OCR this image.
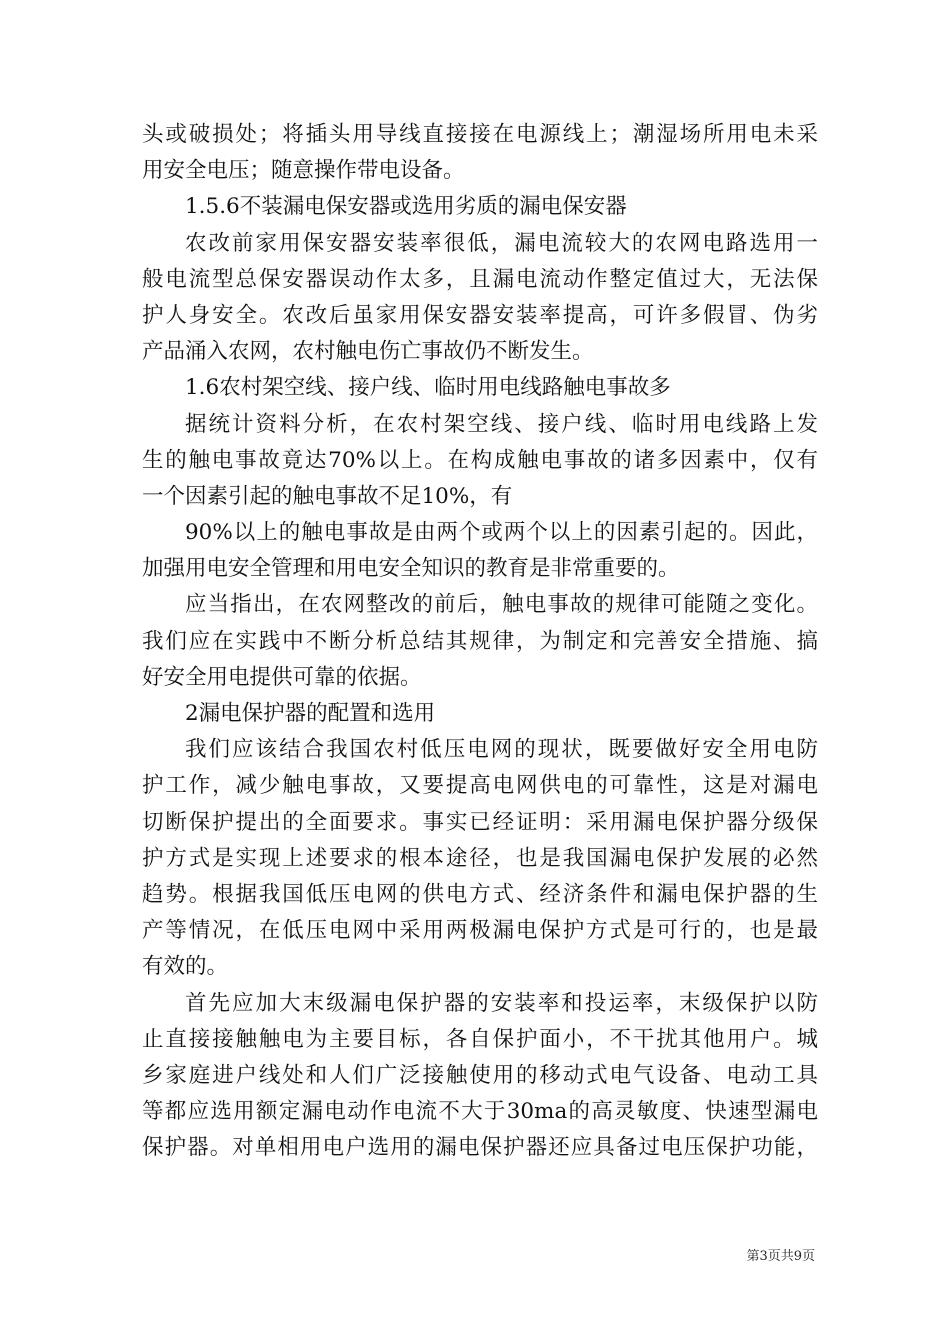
头或破损处；将插头用导线直接接在电源线上；潮湿场所用电未采
用安全电压；随意操作带电设备。
1.5.6不装漏电保安器或选用劣质的漏电保安器
农改前家用保安器安装率很低，漏电流较大的农网电路选用一
般电流型总保安器误动作太多，且漏电流动作整定值过大，无法保
护人身安全。农改后虽家用保安器安装率提高，可许多假冒、伪劣
产品涌入农网，农村触电伤亡事故仍不断发生。
1.6农村架空线、接户线、临时用电线路触电事故多
据统计资料分析，在农村架空线、接户线、临时用电线路上发
生的触电事故竟达70%以上。在构成触电事故的诸多因素中，仅有
一个因素引起的触电事故不足10%，有
90%以上的触电事故是由两个或两个以上的因素引起的。因此，
加强用电安全管理和用电安全知识的教育是非常重要的。
应当指出，在农网整改的前后，触电事故的规律可能随之变化。
我们应在实践中不断分析总结其规律，为制定和完善安全措施、搞
好安全用电提供可靠的依据。
2漏电保护器的配置和选用
我们应该结合我国农村低压电网的现状，既要做好安全用电防
护工作，减少触电事故，又要提高电网供电的可靠性，这是对漏电
切断保护提出的全面要求。事实已经证明：采用漏电保护器分级保
护方式是实现上述要求的根本途径，也是我国漏电保护发展的必然
趋势。根据我国低压电网的供电方式、经济条件和漏电保护器的生
产等情况，在低压电网中采用两极漏电保护方式是可行的，也是最
有效的。
首先应加大末级漏电保护器的安装率和投运率，末级保护以防
止直接接触触电为主要目标，各自保护面小，不干扰其他用户。城
乡家庭进户线处和人们广泛接触使用的移动式电气设备、电动工具
等都应选用额定漏电动作电流不大于30ma的高灵敏度、快速型漏电
保护器。对单相用电户选用的漏电保护器还应具备过电压保护功能，
第3页共9页
